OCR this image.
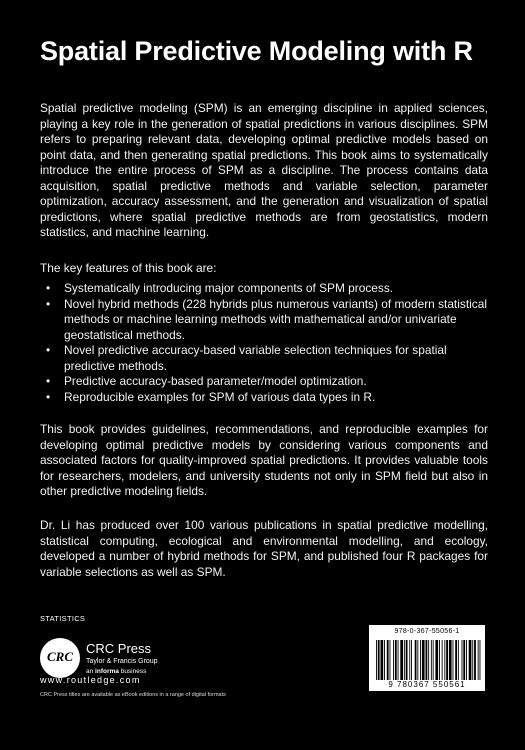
Spatial Predictive Modeling with R
Spatial predictive modeling (SPM) is an emerging discipline in applied sciences, playing a key role in the generation of spatial predictions in various disciplines. SPM refers to preparing relevant data, developing optimal predictive models based on point data, and then generating spatial predictions. This book aims to systematically introduce the entire process of SPM as a discipline. The process contains data acquisition, spatial predictive methods and variable selection, parameter optimization, accuracy assessment, and the generation and visualization of spatial predictions, where spatial predictive methods are from geostatistics, modern statistics, and machine learning.
The key features of this book are:
• Systematically introducing major components of SPM process.
• Novel hybrid methods (228 hybrids plus numerous variants) of modern statistical methods or machine learning methods with mathematical and/or univariate geostatistical methods.
• Novel predictive accuracy-based variable selection techniques for spatial predictive methods.
• Predictive accuracy-based parameter/model optimization.
• Reproducible examples for SPM of various data types in R.
This book provides guidelines, recommendations, and reproducible examples for developing optimal predictive models by considering various components and associated factors for quality-improved spatial predictions. It provides valuable tools for researchers, modelers, and university students not only in SPM field but also in other predictive modeling fields.
Dr. Li has produced over 100 various publications in spatial predictive modelling, statistical computing, ecological and environmental modelling, and ecology, developed a number of hybrid methods for SPM, and published four R packages for variable selections as well as SPM.
STATISTICS
CRC
CRC Press
Taylor & Francis Group
an informa business
www.routledge.com
CRC Press titles are available as eBook editions in a range of digital formats
978-0-367-55056-1
9 780367 550561
